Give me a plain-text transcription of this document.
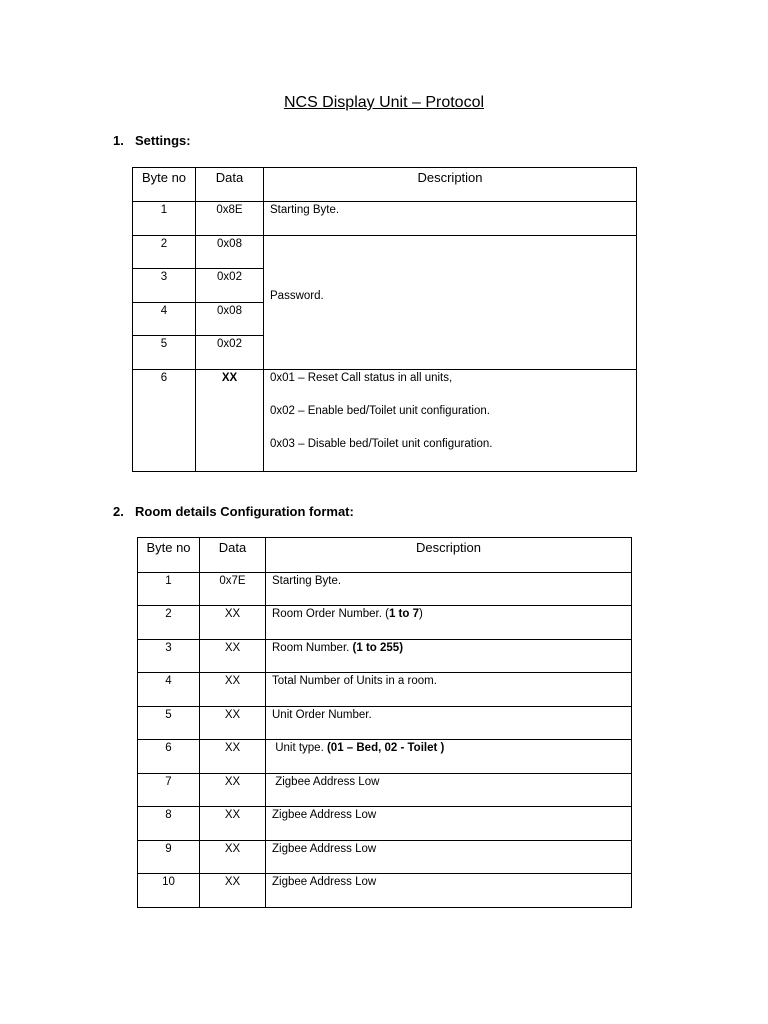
NCS Display Unit – Protocol
1. Settings:
Byte no	Data	Description
1	0x8E	Starting Byte.
2	0x08	Password.
3	0x02	
4	0x08	
5	0x02	
6	XX	0x01 – Reset Call status in all units,
0x02 – Enable bed/Toilet unit configuration.
0x03 – Disable bed/Toilet unit configuration.
2. Room details Configuration format:
Byte no	Data	Description
1	0x7E	Starting Byte.
2	XX	Room Order Number. (1 to 7)
3	XX	Room Number. (1 to 255)
4	XX	Total Number of Units in a room.
5	XX	Unit Order Number.
6	XX	Unit type. (01 – Bed, 02 - Toilet )
7	XX	Zigbee Address Low
8	XX	Zigbee Address Low
9	XX	Zigbee Address Low
10	XX	Zigbee Address Low
